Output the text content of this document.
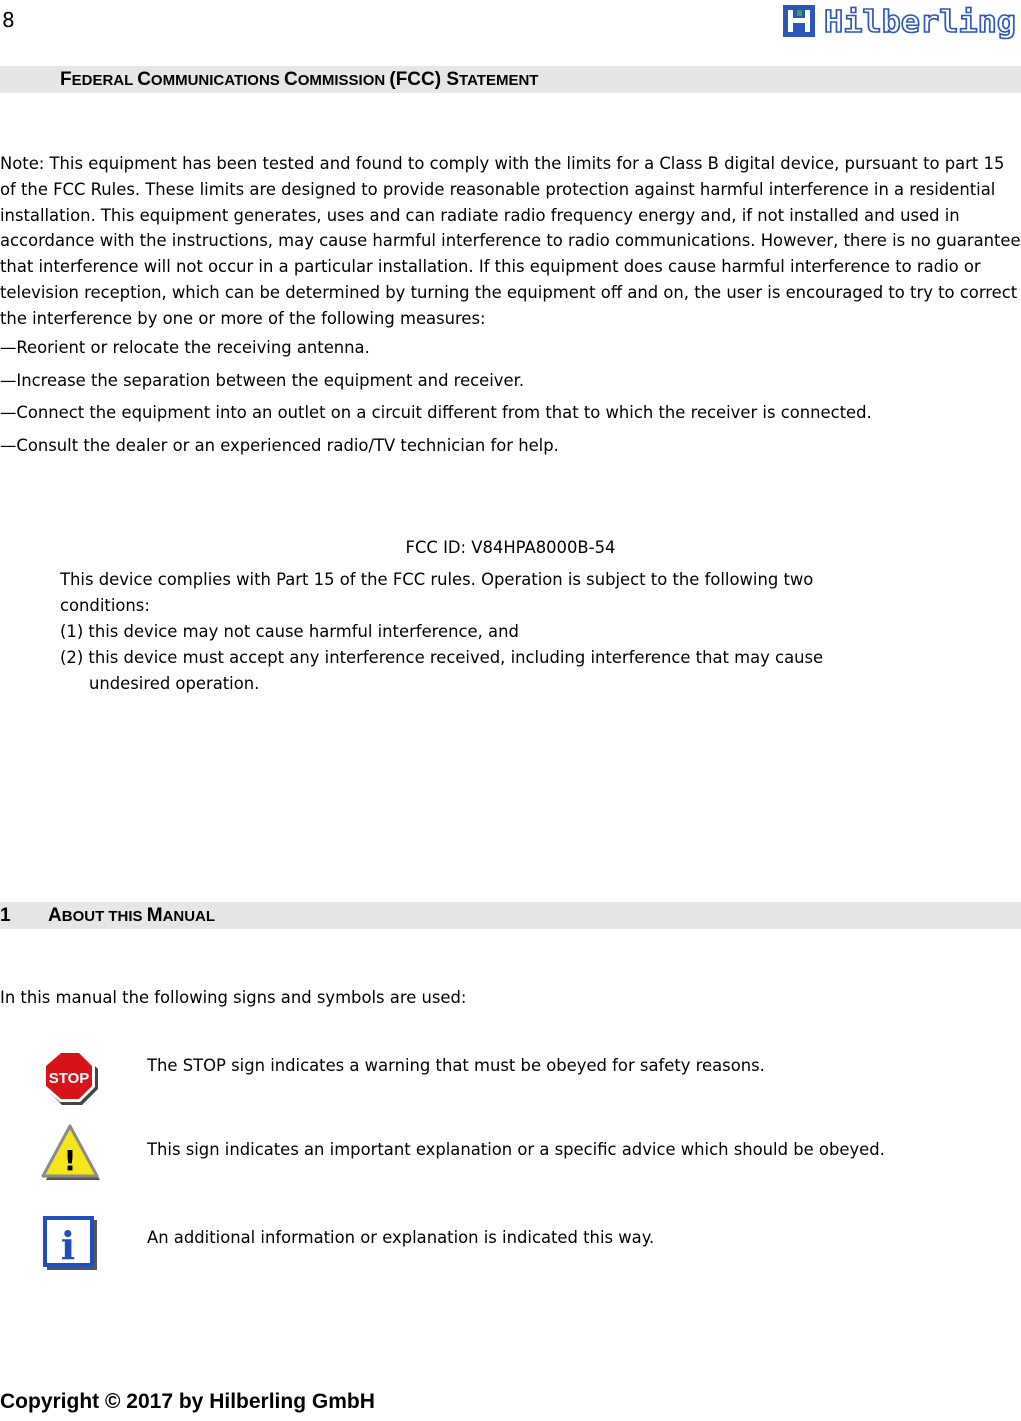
8	Hilberling
FEDERAL COMMUNICATIONS COMMISSION (FCC) STATEMENT
Note: This equipment has been tested and found to comply with the limits for a Class B digital device, pursuant to part 15 of the FCC Rules. These limits are designed to provide reasonable protection against harmful interference in a residential installation. This equipment generates, uses and can radiate radio frequency energy and, if not installed and used in accordance with the instructions, may cause harmful interference to radio communications. However, there is no guarantee that interference will not occur in a particular installation. If this equipment does cause harmful interference to radio or television reception, which can be determined by turning the equipment off and on, the user is encouraged to try to correct the interference by one or more of the following measures:
—Reorient or relocate the receiving antenna.
—Increase the separation between the equipment and receiver.
—Connect the equipment into an outlet on a circuit different from that to which the receiver is connected.
—Consult the dealer or an experienced radio/TV technician for help.
FCC ID: V84HPA8000B-54
This device complies with Part 15 of the FCC rules. Operation is subject to the following two conditions:
(1) this device may not cause harmful interference, and
(2) this device must accept any interference received, including interference that may cause
undesired operation.
1 ABOUT THIS MANUAL
In this manual the following signs and symbols are used:
STOP
The STOP sign indicates a warning that must be obeyed for safety reasons.
!	This sign indicates an important explanation or a specific advice which should be obeyed.
i	An additional information or explanation is indicated this way.
Copyright © 2017 by Hilberling GmbH
